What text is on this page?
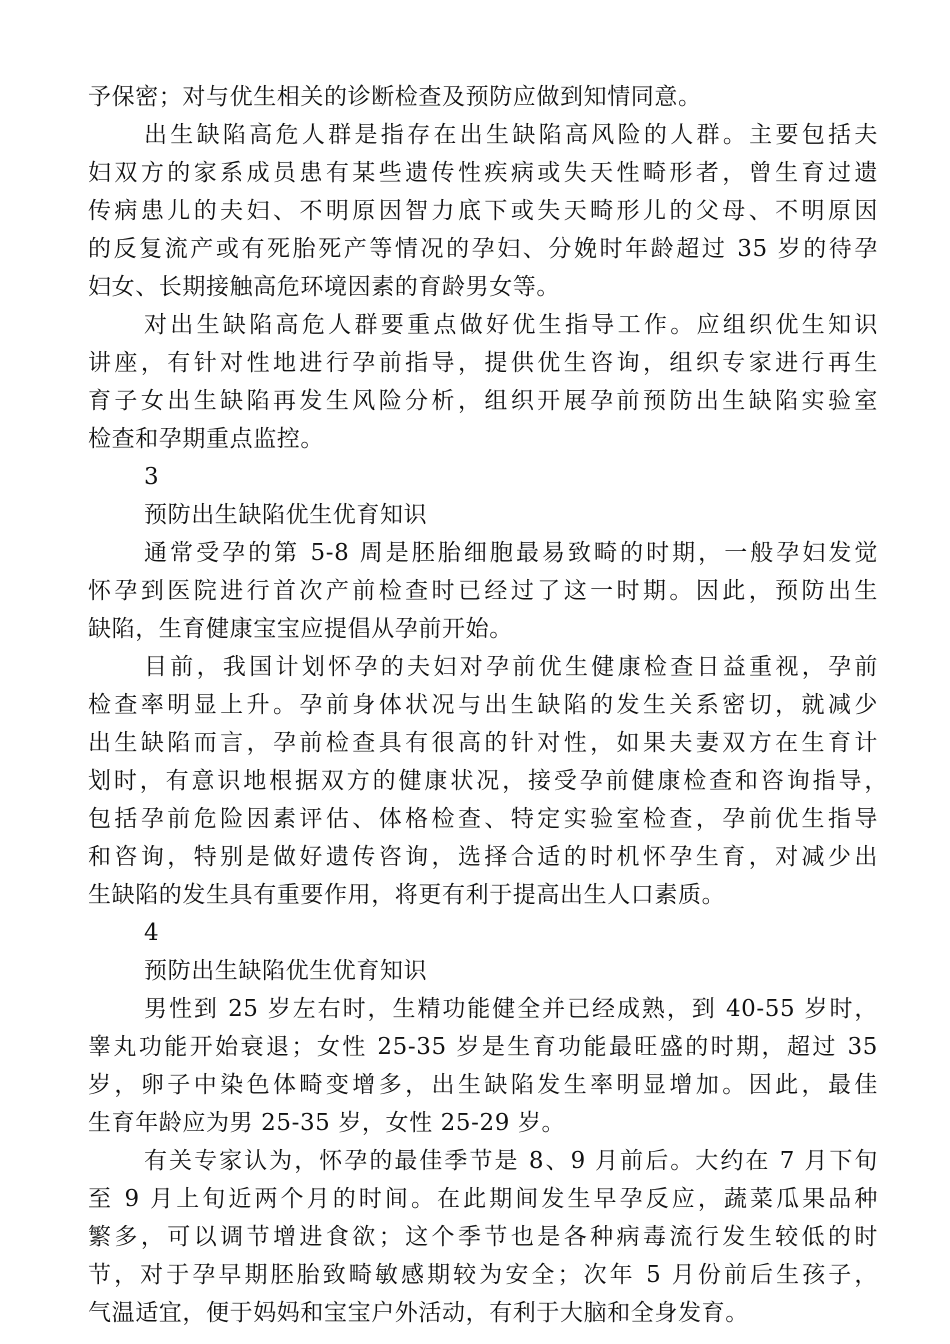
予保密；对与优生相关的诊断检查及预防应做到知情同意。
出生缺陷高危人群是指存在出生缺陷高风险的人群。主要包括夫
妇双方的家系成员患有某些遗传性疾病或失天性畸形者，曾生育过遗
传病患儿的夫妇、不明原因智力底下或失天畸形儿的父母、不明原因
的反复流产或有死胎死产等情况的孕妇、分娩时年龄超过 35 岁的待孕
妇女、长期接触高危环境因素的育龄男女等。
对出生缺陷高危人群要重点做好优生指导工作。应组织优生知识
讲座，有针对性地进行孕前指导，提供优生咨询，组织专家进行再生
育子女出生缺陷再发生风险分析，组织开展孕前预防出生缺陷实验室
检查和孕期重点监控。
3
预防出生缺陷优生优育知识
通常受孕的第 5-8 周是胚胎细胞最易致畸的时期，一般孕妇发觉
怀孕到医院进行首次产前检查时已经过了这一时期。因此，预防出生
缺陷，生育健康宝宝应提倡从孕前开始。
目前，我国计划怀孕的夫妇对孕前优生健康检查日益重视，孕前
检查率明显上升。孕前身体状况与出生缺陷的发生关系密切，就减少
出生缺陷而言，孕前检查具有很高的针对性，如果夫妻双方在生育计
划时，有意识地根据双方的健康状况，接受孕前健康检查和咨询指导，
包括孕前危险因素评估、体格检查、特定实验室检查，孕前优生指导
和咨询，特别是做好遗传咨询，选择合适的时机怀孕生育，对减少出
生缺陷的发生具有重要作用，将更有利于提高出生人口素质。
4
预防出生缺陷优生优育知识
男性到 25 岁左右时，生精功能健全并已经成熟，到 40-55 岁时，
睾丸功能开始衰退；女性 25-35 岁是生育功能最旺盛的时期，超过 35
岁，卵子中染色体畸变增多，出生缺陷发生率明显增加。因此，最佳
生育年龄应为男 25-35 岁，女性 25-29 岁。
有关专家认为，怀孕的最佳季节是 8、9 月前后。大约在 7 月下旬
至 9 月上旬近两个月的时间。在此期间发生早孕反应，蔬菜瓜果品种
繁多，可以调节增进食欲；这个季节也是各种病毒流行发生较低的时
节，对于孕早期胚胎致畸敏感期较为安全；次年 5 月份前后生孩子，
气温适宜，便于妈妈和宝宝户外活动，有利于大脑和全身发育。
